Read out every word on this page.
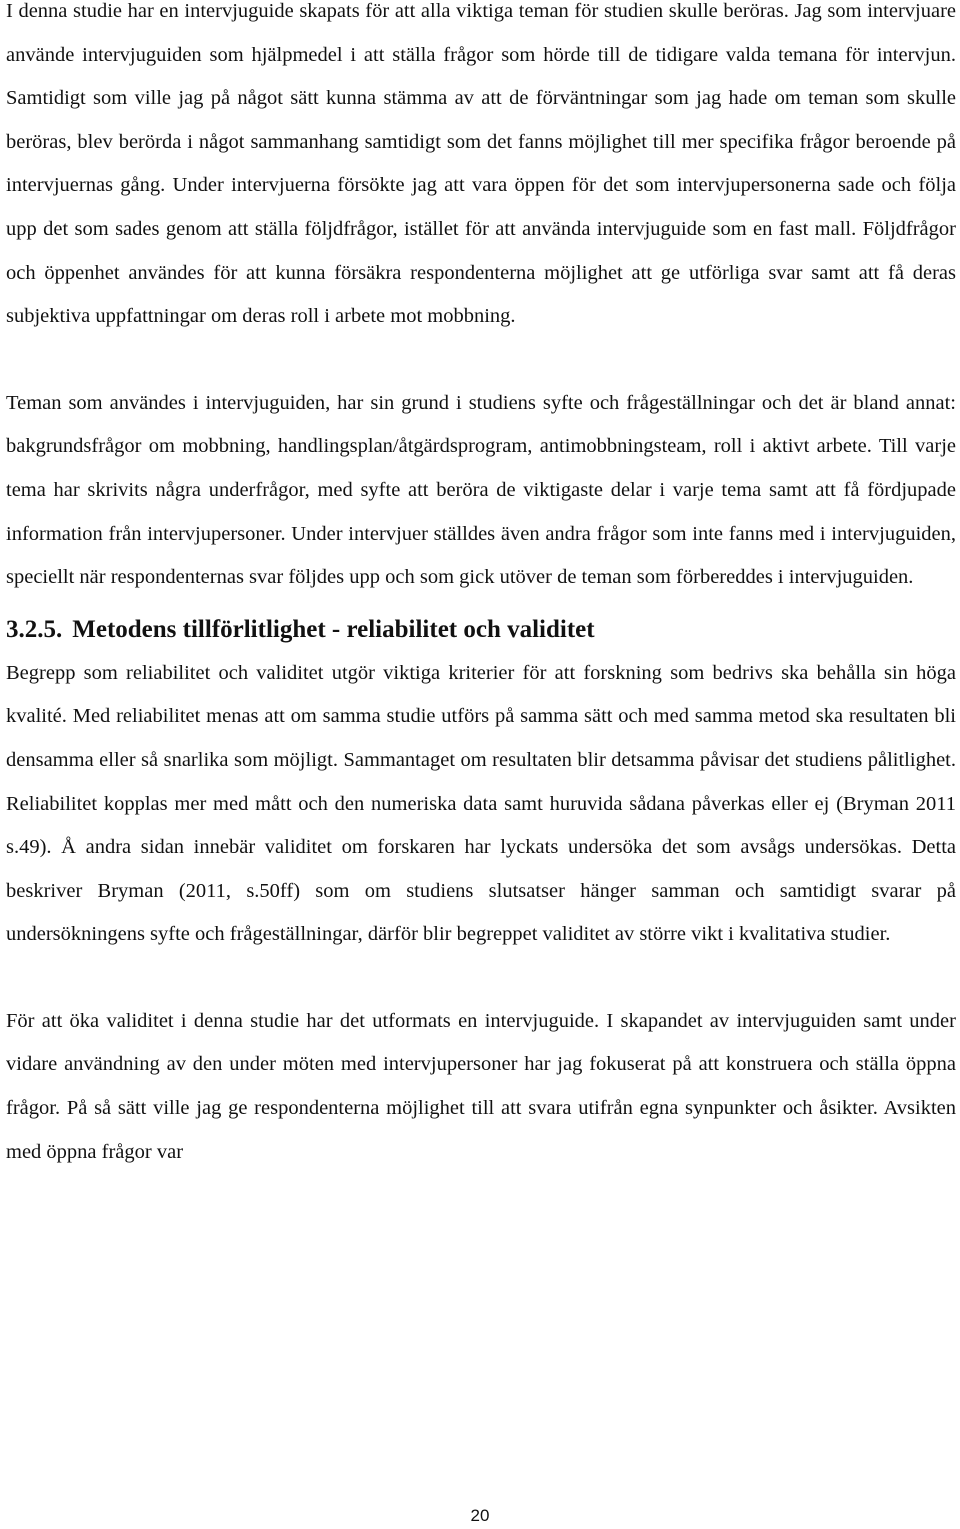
I denna studie har en intervjuguide skapats för att alla viktiga teman för studien skulle beröras. Jag som intervjuare använde intervjuguiden som hjälpmedel i att ställa frågor som hörde till de tidigare valda temana för intervjun. Samtidigt som ville jag på något sätt kunna stämma av att de förväntningar som jag hade om teman som skulle beröras, blev berörda i något sammanhang samtidigt som det fanns möjlighet till mer specifika frågor beroende på intervjuernas gång. Under intervjuerna försökte jag att vara öppen för det som intervjupersonerna sade och följa upp det som sades genom att ställa följdfrågor, istället för att använda intervjuguide som en fast mall. Följdfrågor och öppenhet användes för att kunna försäkra respondenterna möjlighet att ge utförliga svar samt att få deras subjektiva uppfattningar om deras roll i arbete mot mobbning.

Teman som användes i intervjuguiden, har sin grund i studiens syfte och frågeställningar och det är bland annat: bakgrundsfrågor om mobbning, handlingsplan/åtgärdsprogram, antimobbningsteam, roll i aktivt arbete. Till varje tema har skrivits några underfrågor, med syfte att beröra de viktigaste delar i varje tema samt att få fördjupade information från intervjupersoner. Under intervjuer ställdes även andra frågor som inte fanns med i intervjuguiden, speciellt när respondenternas svar följdes upp och som gick utöver de teman som förbereddes i intervjuguiden.

3.2.5. Metodens tillförlitlighet - reliabilitet och validitet

Begrepp som reliabilitet och validitet utgör viktiga kriterier för att forskning som bedrivs ska behålla sin höga kvalité. Med reliabilitet menas att om samma studie utförs på samma sätt och med samma metod ska resultaten bli densamma eller så snarlika som möjligt. Sammantaget om resultaten blir detsamma påvisar det studiens pålitlighet. Reliabilitet kopplas mer med mått och den numeriska data samt huruvida sådana påverkas eller ej (Bryman 2011 s.49). Å andra sidan innebär validitet om forskaren har lyckats undersöka det som avsågs undersökas. Detta beskriver Bryman (2011, s.50ff) som om studiens slutsatser hänger samman och samtidigt svarar på undersökningens syfte och frågeställningar, därför blir begreppet validitet av större vikt i kvalitativa studier.

För att öka validitet i denna studie har det utformats en intervjuguide. I skapandet av intervjuguiden samt under vidare användning av den under möten med intervjupersoner har jag fokuserat på att konstruera och ställa öppna frågor. På så sätt ville jag ge respondenterna möjlighet till att svara utifrån egna synpunkter och åsikter. Avsikten med öppna frågor var

20
